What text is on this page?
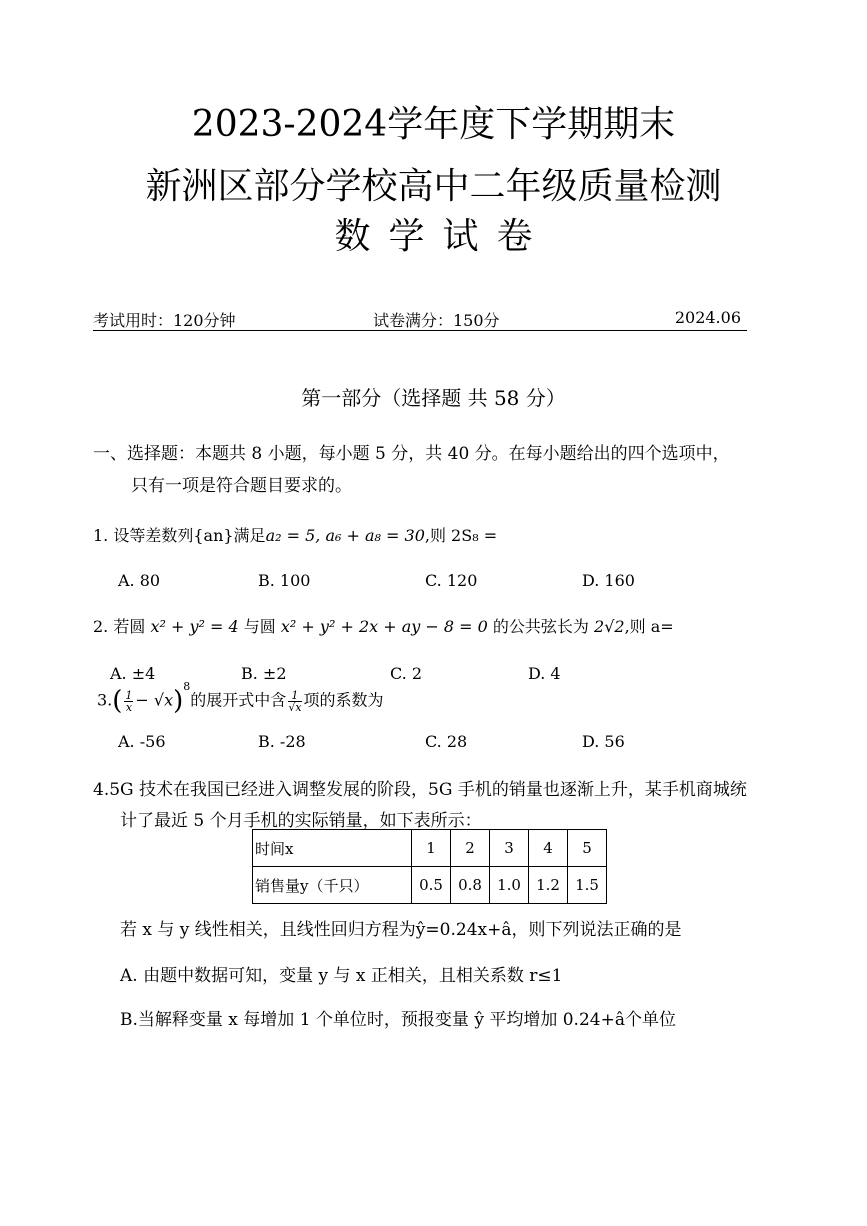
2023-2024学年度下学期期末
新洲区部分学校高中二年级质量检测
数学试卷
考试用时：120分钟	试卷满分：150分	2024.06
第一部分（选择题 共 58 分）
一、选择题：本题共 8 小题，每小题 5 分，共 40 分。在每小题给出的四个选项中，
只有一项是符合题目要求的。
1. 设等差数列{an}满足a₂ = 5, a₆ + a₈ = 30,则 2S₈ =
A. 80	B. 100	C. 120	D. 160
2. 若圆 x² + y² = 4 与圆 x² + y² + 2x + ay − 8 = 0 的公共弦长为 2√2,则 a=
A. ±4	B. ±2	C. 2	D. 4
$3.( \frac{1}{x} - √x)^8$的展开式中含 $\frac{1}{√x}$ 项的系数为
A. -56	B. -28	C. 28	D. 56
4.5G 技术在我国已经进入调整发展的阶段，5G 手机的销量也逐渐上升，某手机商城统
计了最近 5 个月手机的实际销量，如下表所示：
时间x	1	2	3	4	5
销售量y（千只）	0.5	0.8	1.0	1.2	1.5
若 x 与 y 线性相关，且线性回归方程为ŷ=0.24x+â，则下列说法正确的是
A. 由题中数据可知，变量 y 与 x 正相关，且相关系数 r≤1
B.当解释变量 x 每增加 1 个单位时，预报变量 ŷ 平均增加 0.24+â个单位
